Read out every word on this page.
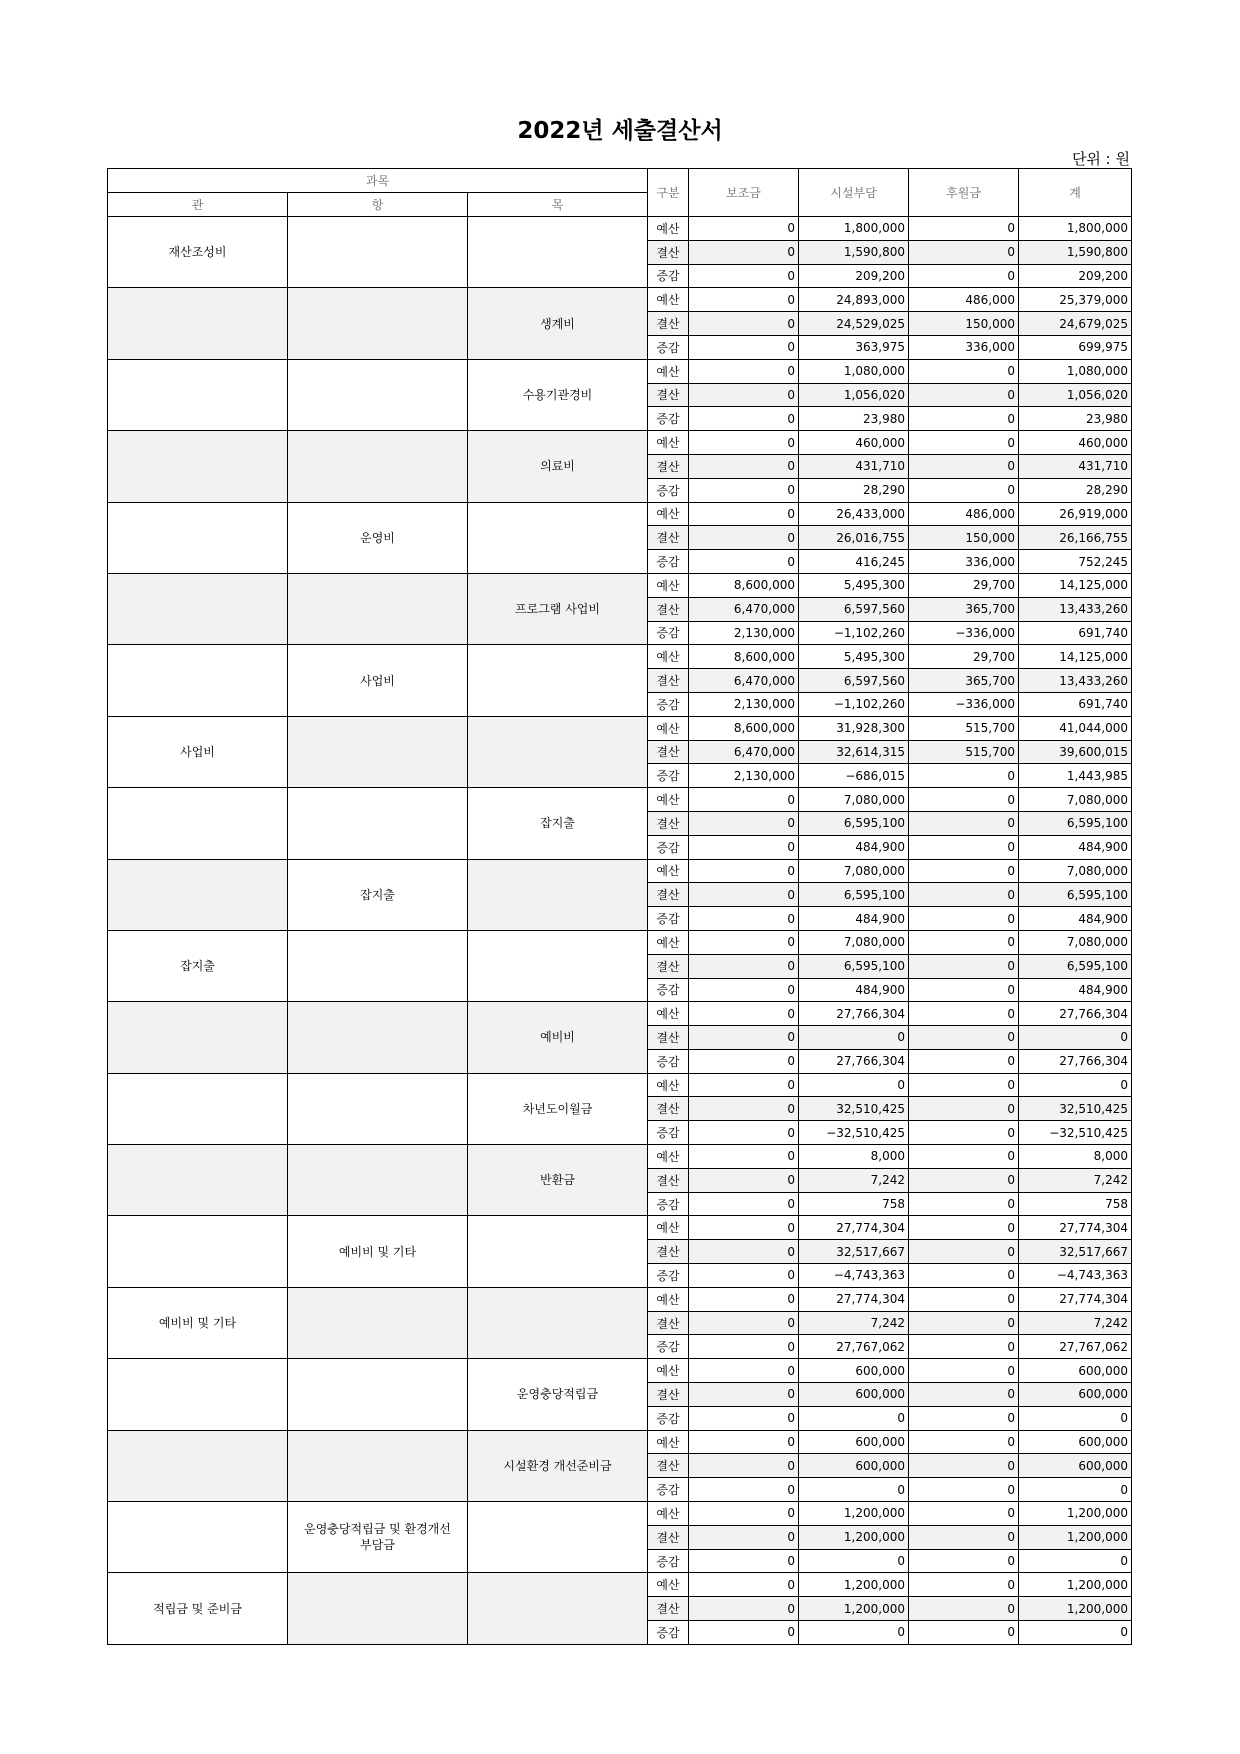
2022년 세출결산서
단위 : 원
과목			구분	보조금	시설부담	후원금	계
관	항	목					
재산조성비			예산	0	1,800,000	0	1,800,000
			결산	0	1,590,800	0	1,590,800
			증감	0	209,200	0	209,200
		생계비	예산	0	24,893,000	486,000	25,379,000
			결산	0	24,529,025	150,000	24,679,025
			증감	0	363,975	336,000	699,975
		수용기관경비	예산	0	1,080,000	0	1,080,000
			결산	0	1,056,020	0	1,056,020
			증감	0	23,980	0	23,980
		의료비	예산	0	460,000	0	460,000
			결산	0	431,710	0	431,710
			증감	0	28,290	0	28,290
	운영비		예산	0	26,433,000	486,000	26,919,000
			결산	0	26,016,755	150,000	26,166,755
			증감	0	416,245	336,000	752,245
		프로그램 사업비	예산	8,600,000	5,495,300	29,700	14,125,000
			결산	6,470,000	6,597,560	365,700	13,433,260
			증감	2,130,000	−1,102,260	−336,000	691,740
	사업비		예산	8,600,000	5,495,300	29,700	14,125,000
			결산	6,470,000	6,597,560	365,700	13,433,260
			증감	2,130,000	−1,102,260	−336,000	691,740
사업비			예산	8,600,000	31,928,300	515,700	41,044,000
			결산	6,470,000	32,614,315	515,700	39,600,015
			증감	2,130,000	−686,015	0	1,443,985
		잡지출	예산	0	7,080,000	0	7,080,000
			결산	0	6,595,100	0	6,595,100
			증감	0	484,900	0	484,900
	잡지출		예산	0	7,080,000	0	7,080,000
			결산	0	6,595,100	0	6,595,100
			증감	0	484,900	0	484,900
잡지출			예산	0	7,080,000	0	7,080,000
			결산	0	6,595,100	0	6,595,100
			증감	0	484,900	0	484,900
		예비비	예산	0	27,766,304	0	27,766,304
			결산	0	0	0	0
			증감	0	27,766,304	0	27,766,304
		차년도이월금	예산	0	0	0	0
			결산	0	32,510,425	0	32,510,425
			증감	0	−32,510,425	0	−32,510,425
		반환금	예산	0	8,000	0	8,000
			결산	0	7,242	0	7,242
			증감	0	758	0	758
	예비비 및 기타		예산	0	27,774,304	0	27,774,304
			결산	0	32,517,667	0	32,517,667
			증감	0	−4,743,363	0	−4,743,363
예비비 및 기타			예산	0	27,774,304	0	27,774,304
			결산	0	7,242	0	7,242
			증감	0	27,767,062	0	27,767,062
		운영충당적립금	예산	0	600,000	0	600,000
			결산	0	600,000	0	600,000
			증감	0	0	0	0
		시설환경 개선준비금	예산	0	600,000	0	600,000
			결산	0	600,000	0	600,000
			증감	0	0	0	0
	운영충당적립금 및 환경개선 부담금		예산	0	1,200,000	0	1,200,000
			결산	0	1,200,000	0	1,200,000
			증감	0	0	0	0
적립금 및 준비금			예산	0	1,200,000	0	1,200,000
			결산	0	1,200,000	0	1,200,000
			증감	0	0	0	0
